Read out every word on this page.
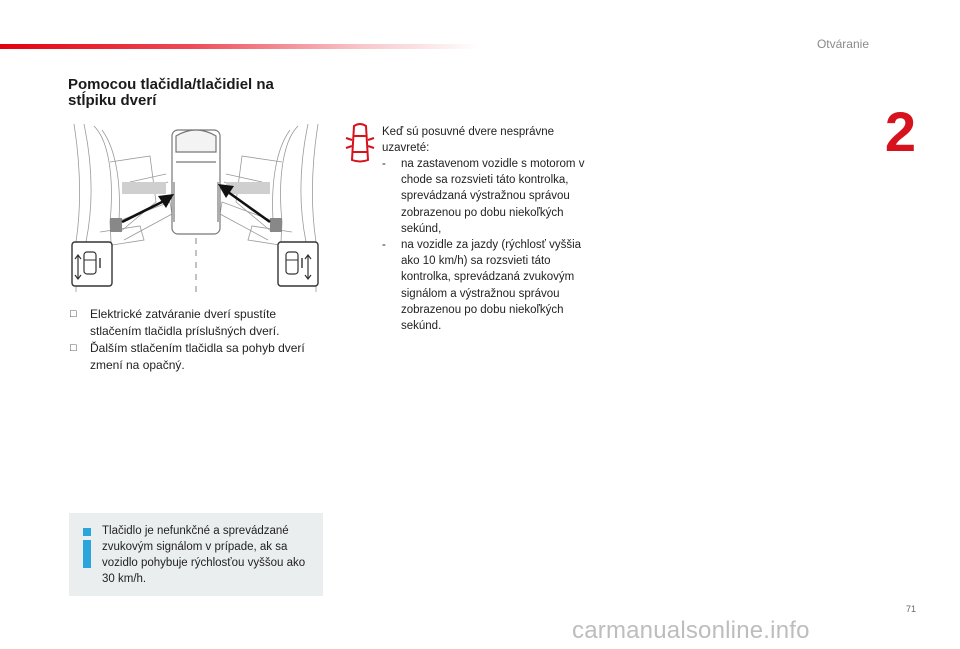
Otváranie
2
Pomocou tlačidla/tlačidiel na
stĺpiku dverí
□ Elektrické zatváranie dverí spustíte stlačením tlačidla príslušných dverí.
□ Ďalším stlačením tlačidla sa pohyb dverí zmení na opačný.

Tlačidlo je nefunkčné a sprevádzané zvukovým signálom v prípade, ak sa vozidlo pohybuje rýchlosťou vyššou ako 30 km/h.

Keď sú posuvné dvere nesprávne uzavreté:

- na zastavenom vozidle s motorom v chode sa rozsvieti táto kontrolka, sprevádzaná výstražnou správou zobrazenou po dobu niekoľkých sekúnd,
- na vozidle za jazdy (rýchlosť vyššia ako 10 km/h) sa rozsvieti táto kontrolka, sprevádzaná zvukovým signálom a výstražnou správou zobrazenou po dobu niekoľkých sekúnd.
71
carmanualsonline.info
